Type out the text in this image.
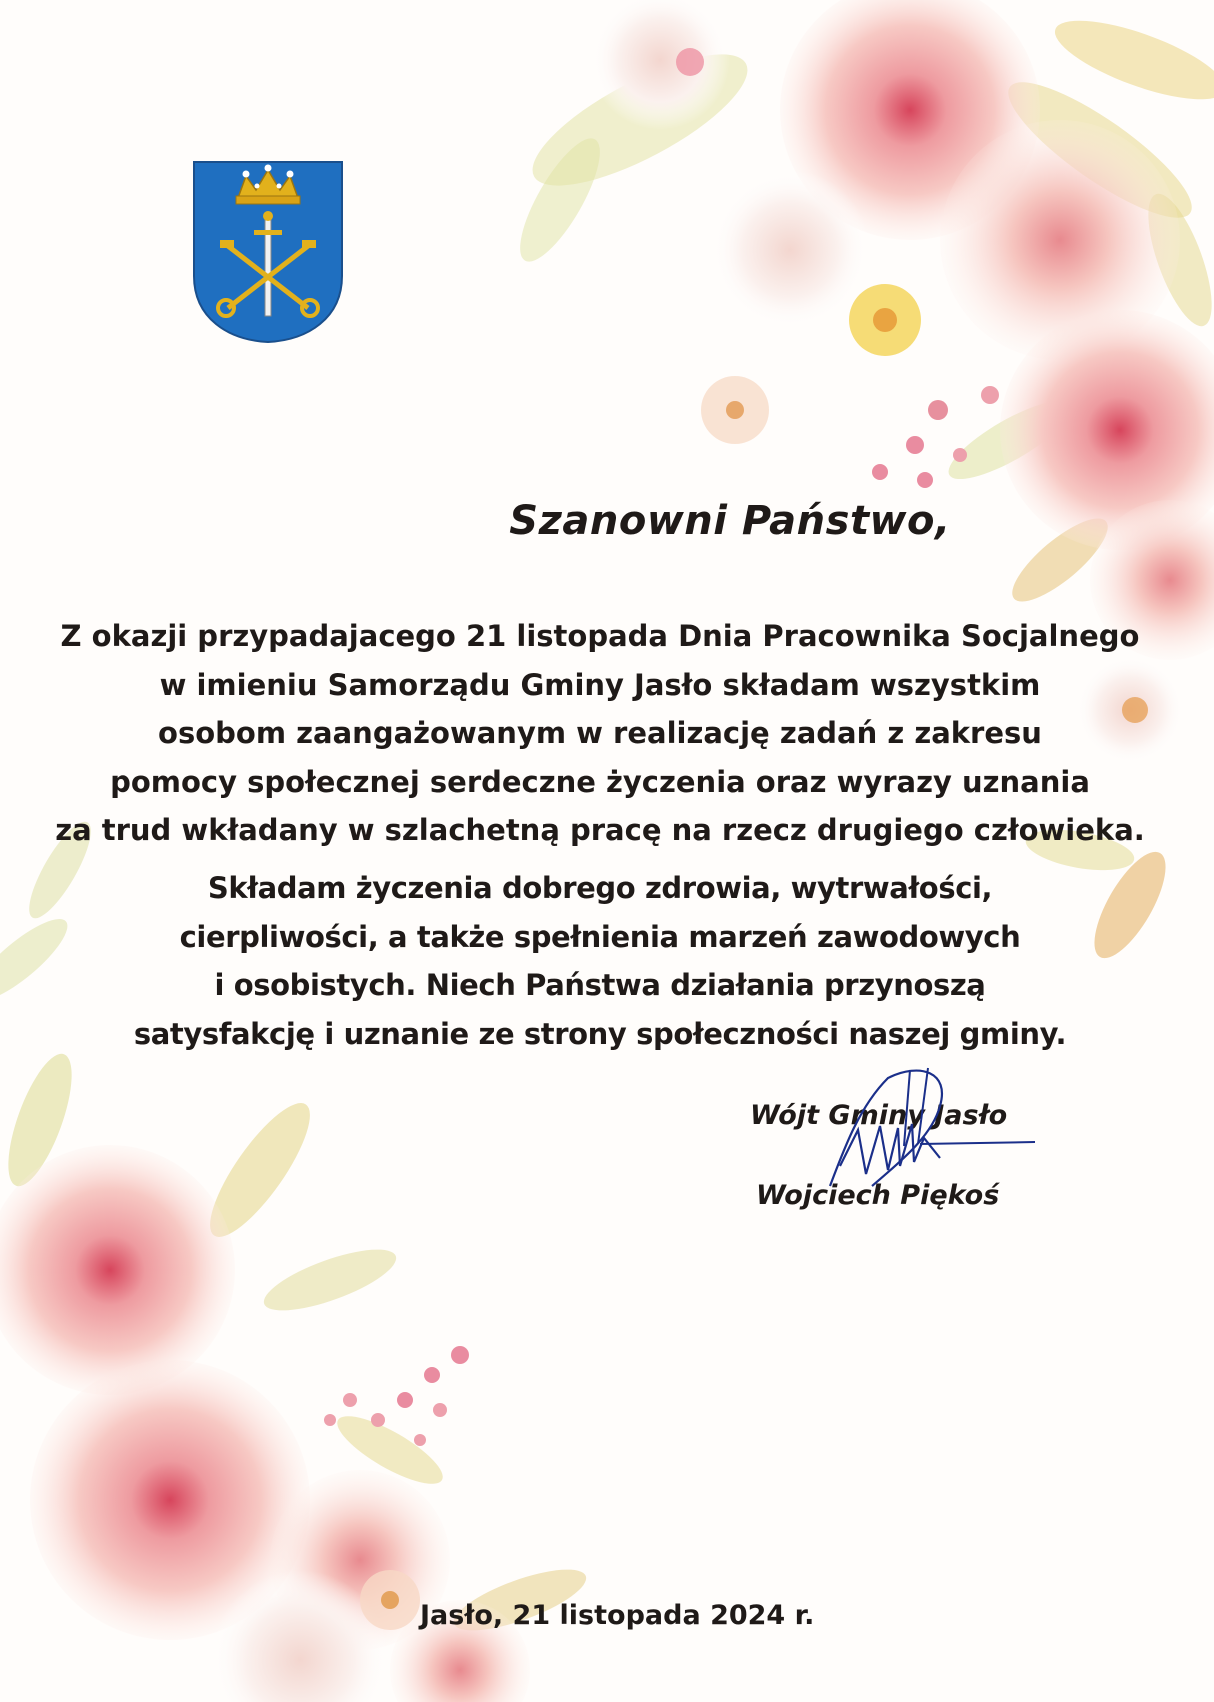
Szanowni Państwo,
Z okazji przypadajacego 21 listopada Dnia Pracownika Socjalnego
w imieniu Samorządu Gminy Jasło składam wszystkim
osobom zaangażowanym w realizację zadań z zakresu
pomocy społecznej serdeczne życzenia oraz wyrazy uznania
za trud wkładany w szlachetną pracę na rzecz drugiego człowieka.
Składam życzenia dobrego zdrowia, wytrwałości,
cierpliwości, a także spełnienia marzeń zawodowych
i osobistych. Niech Państwa działania przynoszą
satysfakcję i uznanie ze strony społeczności naszej gminy.
Wójt Gminy Jasło
Wojciech Piękoś
Jasło, 21 listopada 2024 r.
